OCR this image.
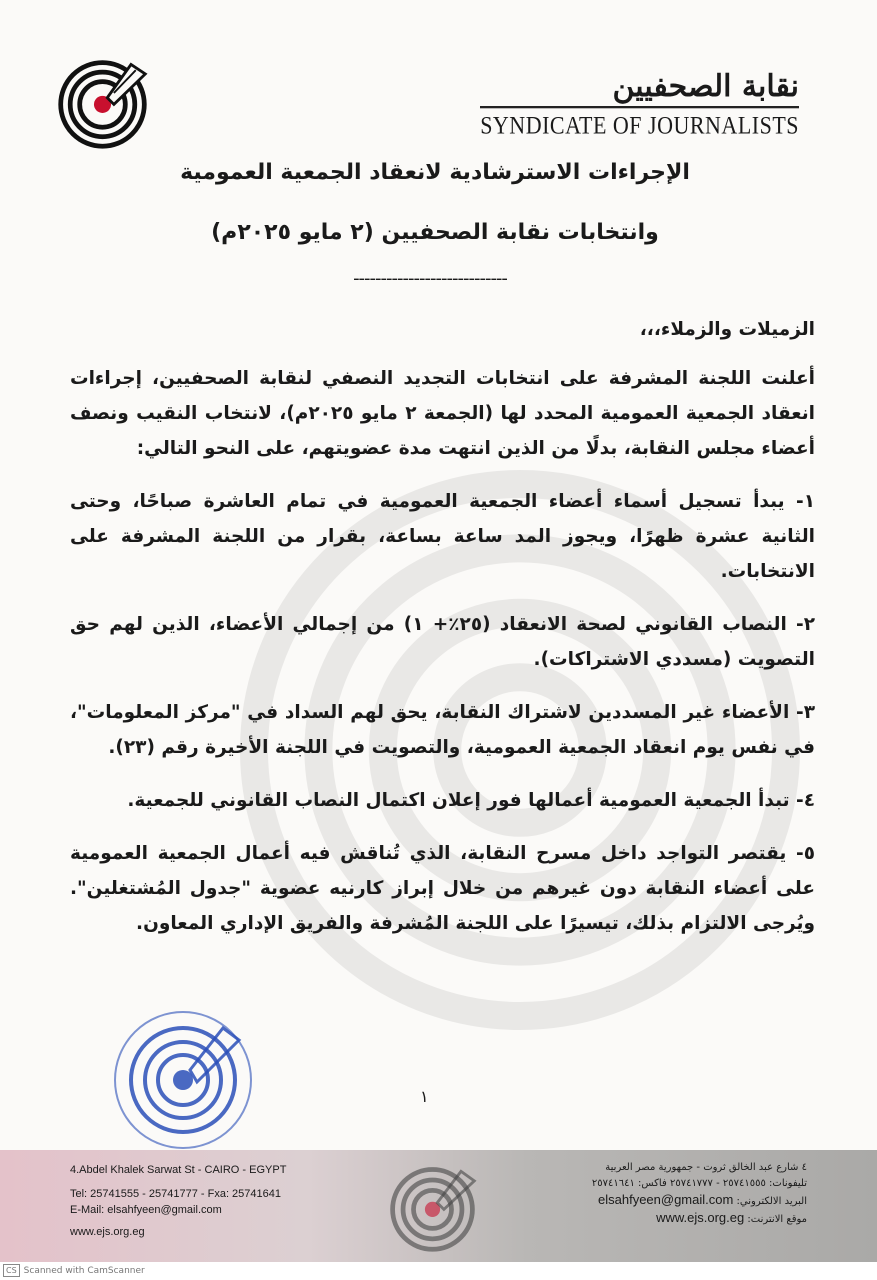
نقابة الصحفيين
SYNDICATE OF JOURNALISTS
الإجراءات الاسترشادية لانعقاد الجمعية العمومية
وانتخابات نقابة الصحفيين (٢ مايو ٢٠٢٥م)
----------------------------

الزميلات والزملاء،،،

أعلنت اللجنة المشرفة على انتخابات التجديد النصفي لنقابة الصحفيين، إجراءات انعقاد الجمعية العمومية المحدد لها (الجمعة ٢ مايو ٢٠٢٥م)، لانتخاب النقيب ونصف أعضاء مجلس النقابة، بدلًا من الذين انتهت مدة عضويتهم، على النحو التالي:

١- يبدأ تسجيل أسماء أعضاء الجمعية العمومية في تمام العاشرة صباحًا، وحتى الثانية عشرة ظهرًا، ويجوز المد ساعة بساعة، بقرار من اللجنة المشرفة على الانتخابات.

٢- النصاب القانوني لصحة الانعقاد (٢٥٪+ ١) من إجمالي الأعضاء، الذين لهم حق التصويت (مسددي الاشتراكات).

٣- الأعضاء غير المسددين لاشتراك النقابة، يحق لهم السداد في "مركز المعلومات"، في نفس يوم انعقاد الجمعية العمومية، والتصويت في اللجنة الأخيرة رقم (٢٣).

٤- تبدأ الجمعية العمومية أعمالها فور إعلان اكتمال النصاب القانوني للجمعية.

٥- يقتصر التواجد داخل مسرح النقابة، الذي تُناقش فيه أعمال الجمعية العمومية على أعضاء النقابة دون غيرهم من خلال إبراز كارنيه عضوية "جدول المُشتغلين". ويُرجى الالتزام بذلك، تيسيرًا على اللجنة المُشرفة والفريق الإداري المعاون.

١
4.Abdel Khalek Sarwat St - CAIRO - EGYPT
Tel: 25741555 - 25741777 - Fxa: 25741641
E-Mail: elsahfyeen@gmail.com
www.ejs.org.eg
٤ شارع عبد الخالق ثروت - جمهورية مصر العربية
تليفونات: ٢٥٧٤١٥٥٥ - ٢٥٧٤١٧٧٧ فاكس: ٢٥٧٤١٦٤١
البريد الالكتروني: elsahfyeen@gmail.com
موقع الانترنت: www.ejs.org.eg
CS Scanned with CamScanner
